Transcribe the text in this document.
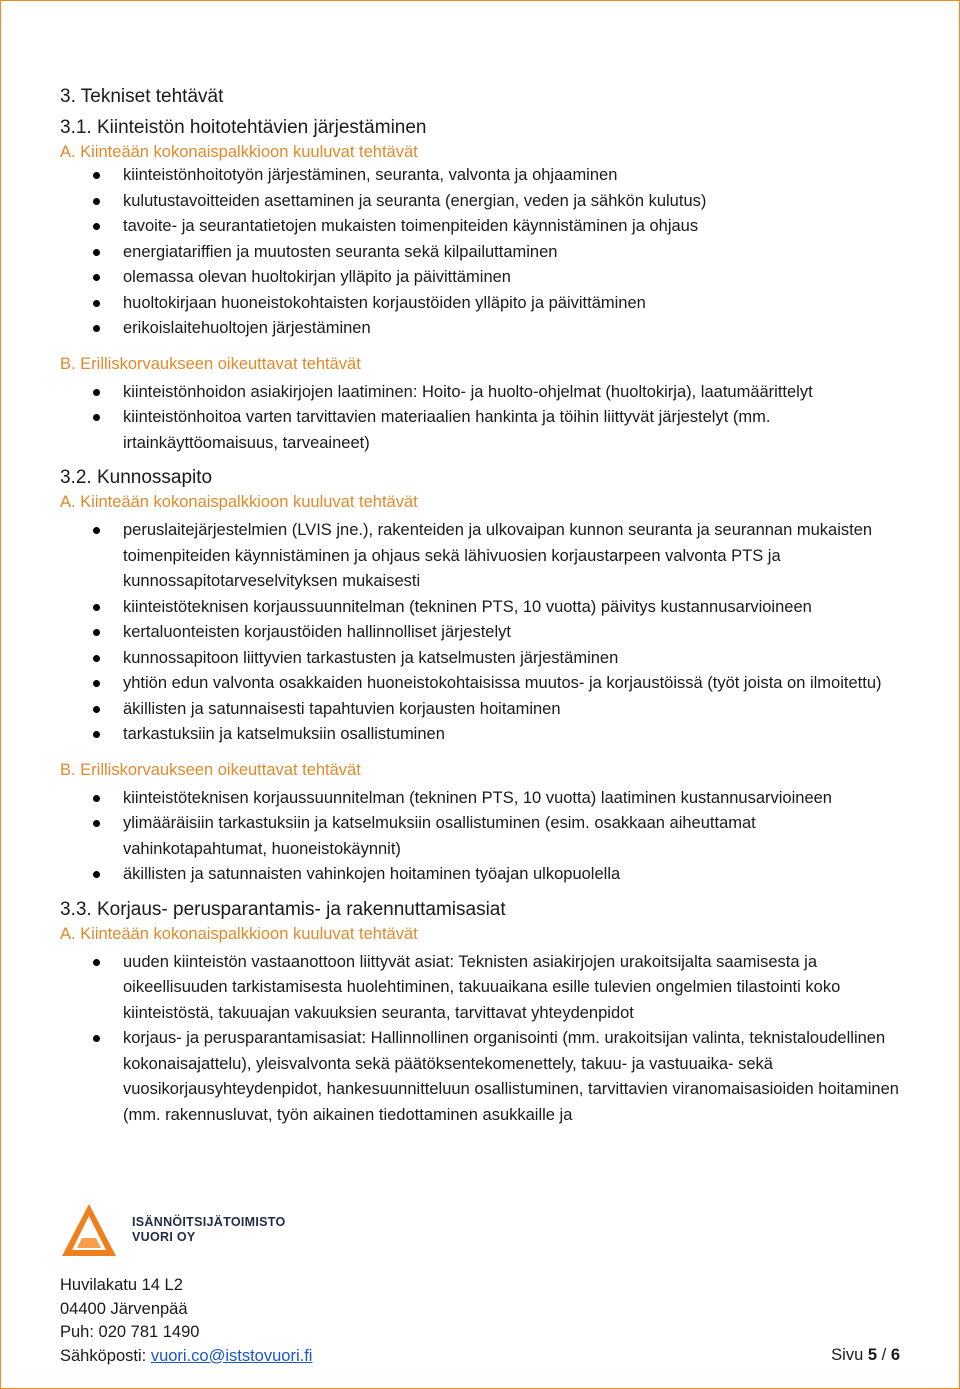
3. Tekniset tehtävät
3.1. Kiinteistön hoitotehtävien järjestäminen
A. Kiinteään kokonaispalkkioon kuuluvat tehtävät
kiinteistönhoitotyön järjestäminen, seuranta, valvonta ja ohjaaminen
kulutustavoitteiden asettaminen ja seuranta (energian, veden ja sähkön kulutus)
tavoite- ja seurantatietojen mukaisten toimenpiteiden käynnistäminen ja ohjaus
energiatariffien ja muutosten seuranta sekä kilpailuttaminen
olemassa olevan huoltokirjan ylläpito ja päivittäminen
huoltokirjaan huoneistokohtaisten korjaustöiden ylläpito ja päivittäminen
erikoislaitehuoltojen järjestäminen
B. Erilliskorvaukseen oikeuttavat tehtävät
kiinteistönhoidon asiakirjojen laatiminen: Hoito- ja huolto-ohjelmat (huoltokirja), laatumäärittelyt
kiinteistönhoitoa varten tarvittavien materiaalien hankinta ja töihin liittyvät järjestelyt (mm. irtainkäyttöomaisuus, tarveaineet)
3.2. Kunnossapito
A. Kiinteään kokonaispalkkioon kuuluvat tehtävät
peruslaitejärjestelmien (LVIS jne.), rakenteiden ja ulkovaipan kunnon seuranta ja seurannan mukaisten toimenpiteiden käynnistäminen ja ohjaus sekä lähivuosien korjaustarpeen valvonta PTS ja kunnossapitotarveselvityksen mukaisesti
kiinteistöteknisen korjaussuunnitelman (tekninen PTS, 10 vuotta) päivitys kustannusarvioineen
kertaluonteisten korjaustöiden hallinnolliset järjestelyt
kunnossapitoon liittyvien tarkastusten ja katselmusten järjestäminen
yhtiön edun valvonta osakkaiden huoneistokohtaisissa muutos- ja korjaustöissä (työt joista on ilmoitettu)
äkillisten ja satunnaisesti tapahtuvien korjausten hoitaminen
tarkastuksiin ja katselmuksiin osallistuminen
B. Erilliskorvaukseen oikeuttavat tehtävät
kiinteistöteknisen korjaussuunnitelman (tekninen PTS, 10 vuotta) laatiminen kustannusarvioineen
ylimääräisiin tarkastuksiin ja katselmuksiin osallistuminen (esim. osakkaan aiheuttamat vahinkotapahtumat, huoneistokäynnit)
äkillisten ja satunnaisten vahinkojen hoitaminen työajan ulkopuolella
3.3. Korjaus- perusparantamis- ja rakennuttamisasiat
A. Kiinteään kokonaispalkkioon kuuluvat tehtävät
uuden kiinteistön vastaanottoon liittyvät asiat: Teknisten asiakirjojen urakoitsijalta saamisesta ja oikeellisuuden tarkistamisesta huolehtiminen, takuuaikana esille tulevien ongelmien tilastointi koko kiinteistöstä, takuuajan vakuuksien seuranta, tarvittavat yhteydenpidot
korjaus- ja perusparantamisasiat: Hallinnollinen organisointi (mm. urakoitsijan valinta, teknistaloudellinen kokonaisajattelu), yleisvalvonta sekä päätöksentekomenettely, takuu- ja vastuuaika- sekä vuosikorjausyhteydenpidot, hankesuunnitteluun osallistuminen, tarvittavien viranomaisasioiden hoitaminen (mm. rakennusluvat, työn aikainen tiedottaminen asukkaille ja
ISÄNNÖITSIJÄTOIMISTO
VUORI OY
Huvilakatu 14 L2
04400 Järvenpää
Puh: 020 781 1490
Sähköposti: vuori.co@iststovuori.fi	Sivu 5 / 6
